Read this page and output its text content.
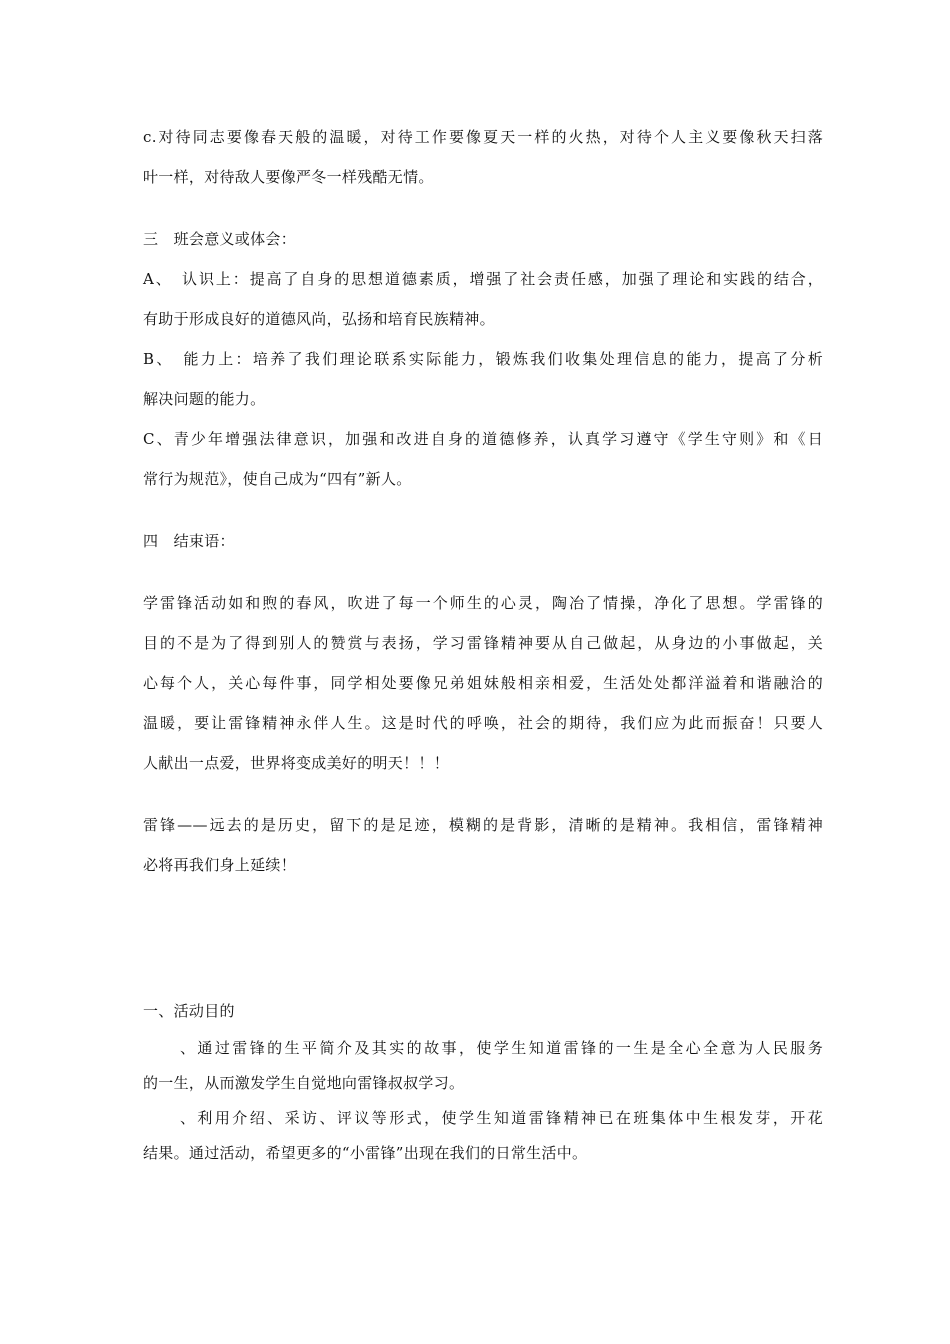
c.对待同志要像春天般的温暖，对待工作要像夏天一样的火热，对待个人主义要像秋天扫落
叶一样，对待敌人要像严冬一样残酷无情。
三　班会意义或体会：
A、　认识上：提高了自身的思想道德素质，增强了社会责任感，加强了理论和实践的结合，
有助于形成良好的道德风尚，弘扬和培育民族精神。
B、　能力上：培养了我们理论联系实际能力，锻炼我们收集处理信息的能力，提高了分析
解决问题的能力。
C、青少年增强法律意识，加强和改进自身的道德修养，认真学习遵守《学生守则》和《日
常行为规范》，使自己成为“四有”新人。
四　结束语：
学雷锋活动如和煦的春风，吹进了每一个师生的心灵，陶冶了情操，净化了思想。学雷锋的
目的不是为了得到别人的赞赏与表扬，学习雷锋精神要从自己做起，从身边的小事做起，关
心每个人，关心每件事，同学相处要像兄弟姐妹般相亲相爱，生活处处都洋溢着和谐融洽的
温暖，要让雷锋精神永伴人生。这是时代的呼唤，社会的期待，我们应为此而振奋！只要人
人献出一点爱，世界将变成美好的明天！！！
雷锋——远去的是历史，留下的是足迹，模糊的是背影，清晰的是精神。我相信，雷锋精神
必将再我们身上延续！
一、活动目的
、通过雷锋的生平简介及其实的故事，使学生知道雷锋的一生是全心全意为人民服务
的一生，从而激发学生自觉地向雷锋叔叔学习。
、利用介绍、采访、评议等形式，使学生知道雷锋精神已在班集体中生根发芽，开花
结果。通过活动，希望更多的“小雷锋”出现在我们的日常生活中。
